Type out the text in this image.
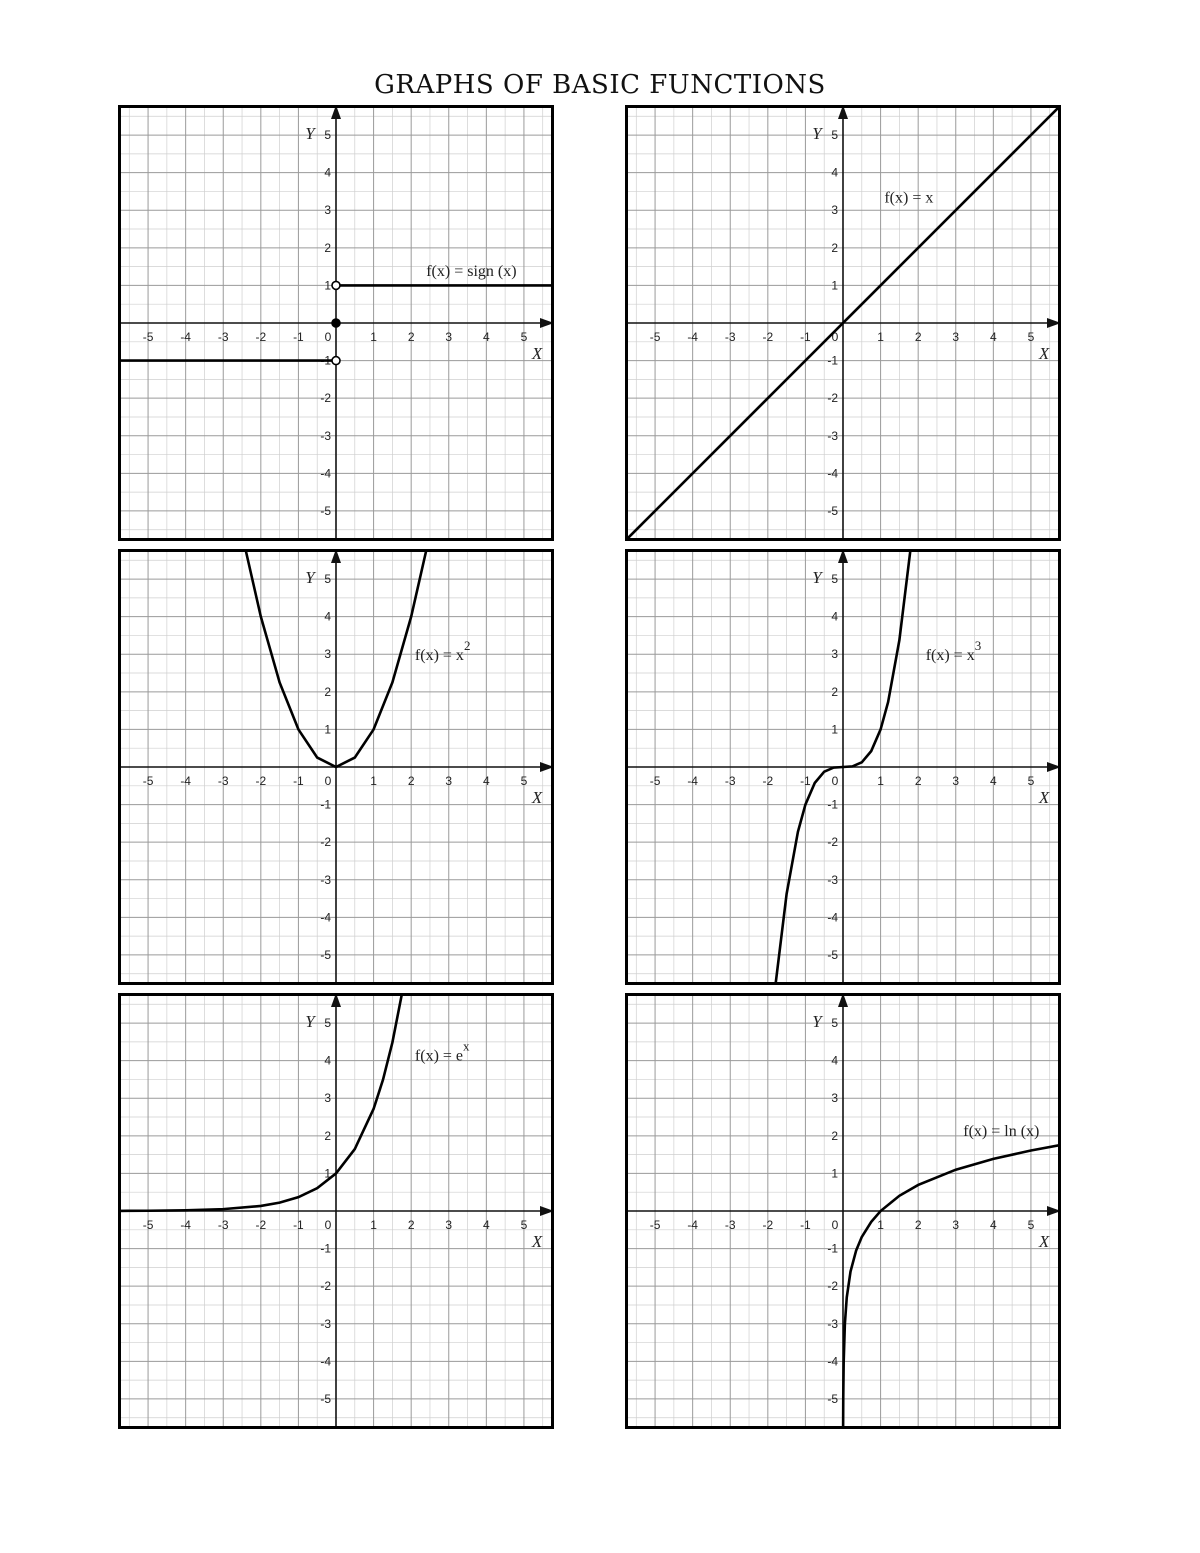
GRAPHS OF BASIC FUNCTIONS
-5 -4 -3 -2 -1 0	1	2	3	4	5
-5
-4
-3
-2
-1
1
2
3
4
5
X
Y
f(x) = sign (x)
-5 -4 -3 -2 -1 0	1	2	3	4	5
-5
-4
-3
-2
-1
1
2
3
4
5
X
Y
f(x) = x
-5 -4 -3 -2 -1 0	1	2	3	4	5
-5
-4
-3
-2
-1
1
2
3
4
5
X
Y
$f(x) = x^2$
-5 -4 -3 -2 -1 0	1	2	3	4	5
-5
-4
-3
-2
-1
1
2
3
4
5
X
Y
$f(x) = x^3$
-5 -4 -3 -2 -1 0	1	2	3	4	5
-5
-4
-3
-2
-1
1
2
3
4
5
X
Y
$f(x) = e^x$
-5 -4 -3 -2 -1 0	1	2	3	4	5
-5
-4
-3
-2
-1
1
2
3
4
5
X
Y
f(x) = ln (x)
